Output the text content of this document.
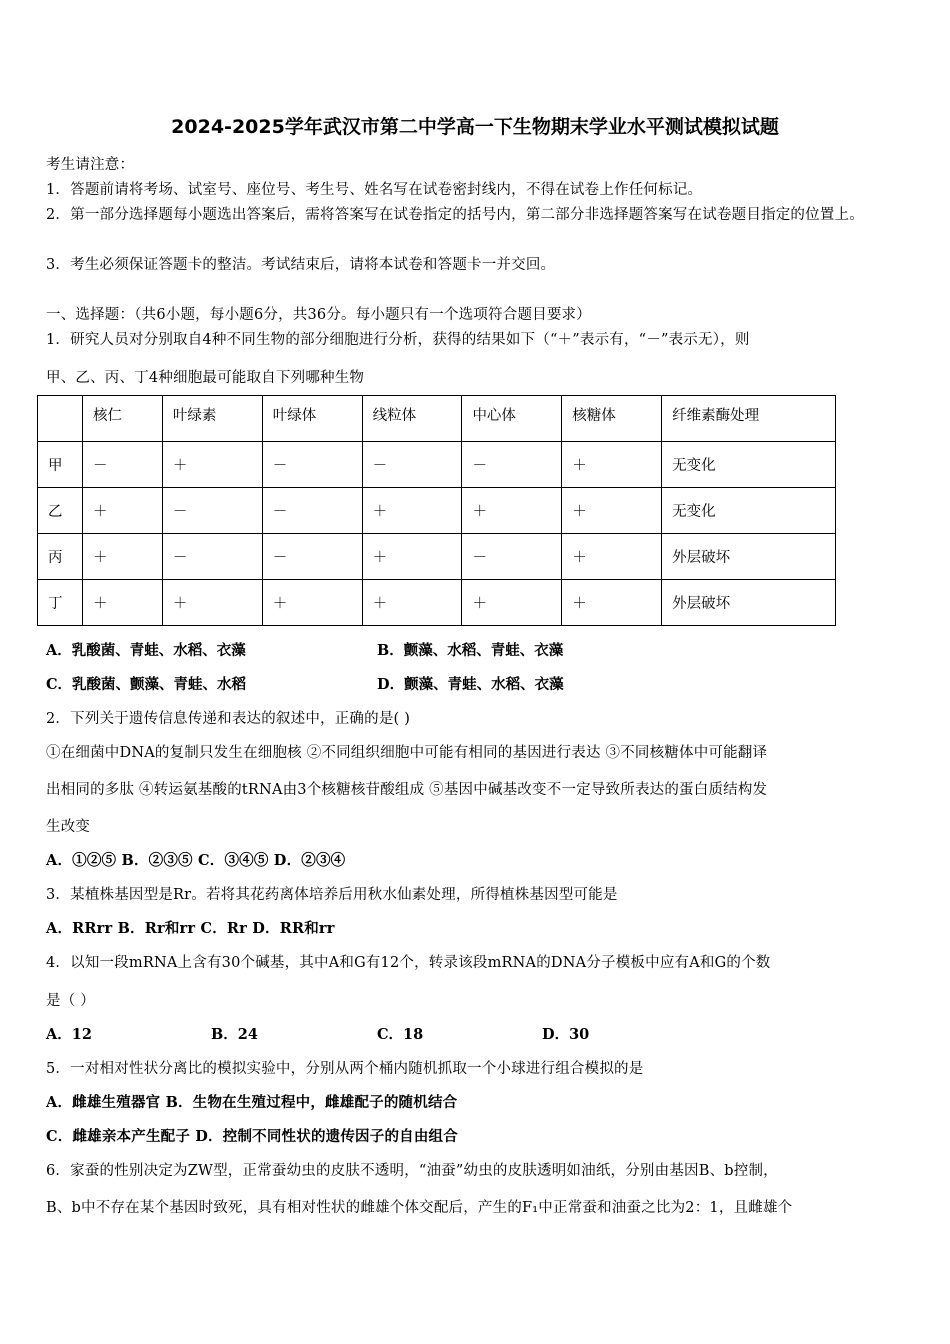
2024-2025学年武汉市第二中学高一下生物期末学业水平测试模拟试题
考生请注意：
1．答题前请将考场、试室号、座位号、考生号、姓名写在试卷密封线内，不得在试卷上作任何标记。
2．第一部分选择题每小题选出答案后，需将答案写在试卷指定的括号内，第二部分非选择题答案写在试卷题目指定的位置上。
3．考生必须保证答题卡的整洁。考试结束后，请将本试卷和答题卡一并交回。
一、选择题：（共6小题，每小题6分，共36分。每小题只有一个选项符合题目要求）
1．研究人员对分别取自4种不同生物的部分细胞进行分析，获得的结果如下（“＋”表示有，“－”表示无），则
甲、乙、丙、丁4种细胞最可能取自下列哪种生物
	核仁	叶绿素	叶绿体	线粒体	中心体	核糖体	纤维素酶处理
甲	－	＋	－	－	－	＋	无变化
乙	＋	－	－	＋	＋	＋	无变化
丙	＋	－	－	＋	－	＋	外层破坏
丁	＋	＋	＋	＋	＋	＋	外层破坏
A．乳酸菌、青蛙、水稻、衣藻	B．颤藻、水稻、青蛙、衣藻
C．乳酸菌、颤藻、青蛙、水稻	D．颤藻、青蛙、水稻、衣藻
2．下列关于遗传信息传递和表达的叙述中，正确的是( )
①在细菌中DNA的复制只发生在细胞核 ②不同组织细胞中可能有相同的基因进行表达 ③不同核糖体中可能翻译
出相同的多肽 ④转运氨基酸的tRNA由3个核糖核苷酸组成 ⑤基因中碱基改变不一定导致所表达的蛋白质结构发
生改变
A．①②⑤ B．②③⑤ C．③④⑤ D．②③④
3．某植株基因型是Rr。若将其花药离体培养后用秋水仙素处理，所得植株基因型可能是
A．RRrr B．Rr和rr C．Rr D．RR和rr
4．以知一段mRNA上含有30个碱基，其中A和G有12个，转录该段mRNA的DNA分子模板中应有A和G的个数
是（ ）
A．12	B．24	C．18	D．30
5．一对相对性状分离比的模拟实验中，分别从两个桶内随机抓取一个小球进行组合模拟的是
A．雌雄生殖器官 B．生物在生殖过程中，雌雄配子的随机结合
C．雌雄亲本产生配子 D．控制不同性状的遗传因子的自由组合
6．家蚕的性别决定为ZW型，正常蚕幼虫的皮肤不透明，“油蚕”幼虫的皮肤透明如油纸，分别由基因B、b控制，
B、b中不存在某个基因时致死，具有相对性状的雌雄个体交配后，产生的F₁中正常蚕和油蚕之比为2：1，且雌雄个
